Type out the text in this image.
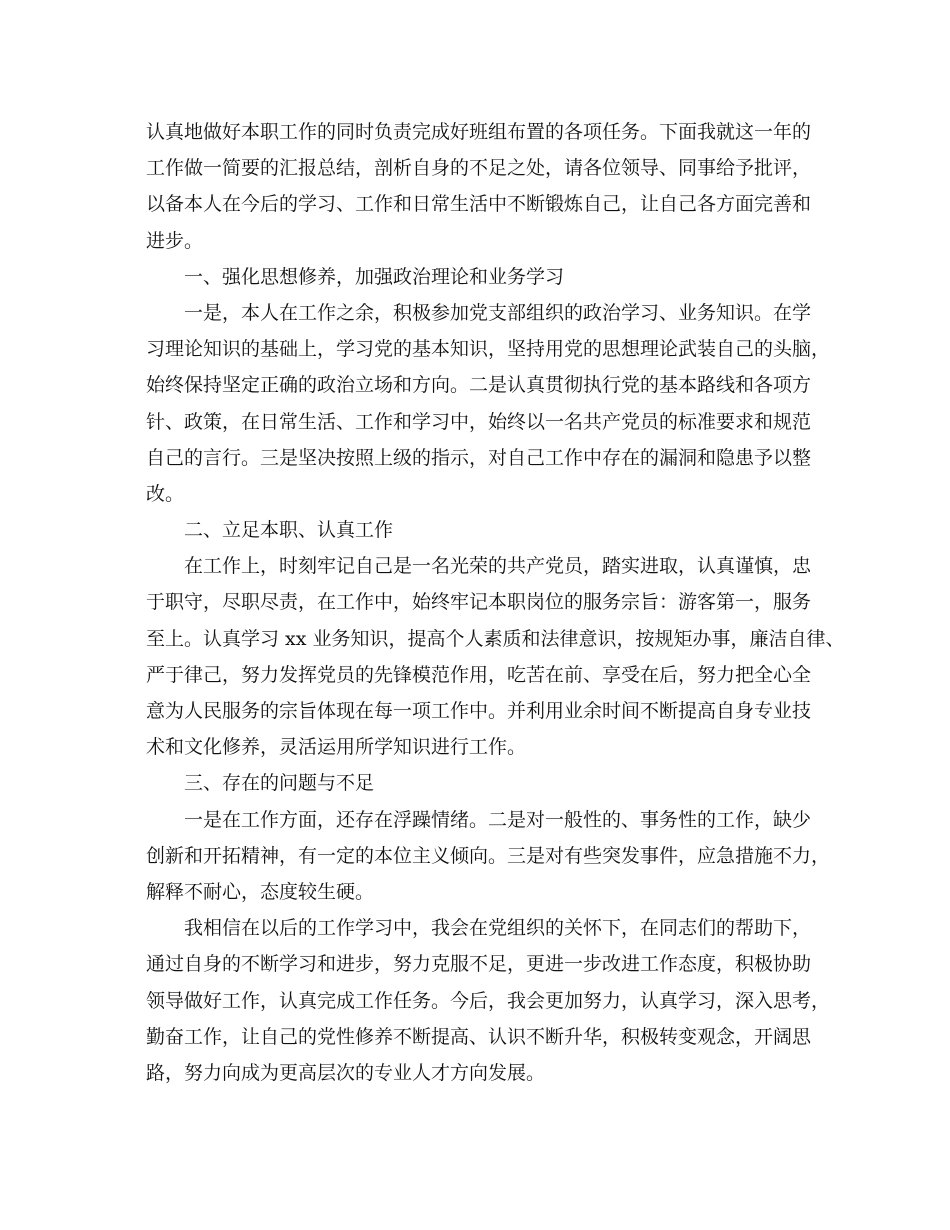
认真地做好本职工作的同时负责完成好班组布置的各项任务。下面我就这一年的
工作做一简要的汇报总结，剖析自身的不足之处，请各位领导、同事给予批评，
以备本人在今后的学习、工作和日常生活中不断锻炼自己，让自己各方面完善和
进步。
一、强化思想修养，加强政治理论和业务学习
一是，本人在工作之余，积极参加党支部组织的政治学习、业务知识。在学
习理论知识的基础上，学习党的基本知识，坚持用党的思想理论武装自己的头脑，
始终保持坚定正确的政治立场和方向。二是认真贯彻执行党的基本路线和各项方
针、政策，在日常生活、工作和学习中，始终以一名共产党员的标准要求和规范
自己的言行。三是坚决按照上级的指示，对自己工作中存在的漏洞和隐患予以整
改。
二、立足本职、认真工作
在工作上，时刻牢记自己是一名光荣的共产党员，踏实进取，认真谨慎，忠
于职守，尽职尽责，在工作中，始终牢记本职岗位的服务宗旨：游客第一，服务
至上。认真学习 xx 业务知识，提高个人素质和法律意识，按规矩办事，廉洁自律、
严于律己，努力发挥党员的先锋模范作用，吃苦在前、享受在后，努力把全心全
意为人民服务的宗旨体现在每一项工作中。并利用业余时间不断提高自身专业技
术和文化修养，灵活运用所学知识进行工作。
三、存在的问题与不足
一是在工作方面，还存在浮躁情绪。二是对一般性的、事务性的工作，缺少
创新和开拓精神，有一定的本位主义倾向。三是对有些突发事件，应急措施不力，
解释不耐心，态度较生硬。
我相信在以后的工作学习中，我会在党组织的关怀下，在同志们的帮助下，
通过自身的不断学习和进步，努力克服不足，更进一步改进工作态度，积极协助
领导做好工作，认真完成工作任务。今后，我会更加努力，认真学习，深入思考，
勤奋工作，让自己的党性修养不断提高、认识不断升华，积极转变观念，开阔思
路，努力向成为更高层次的专业人才方向发展。
